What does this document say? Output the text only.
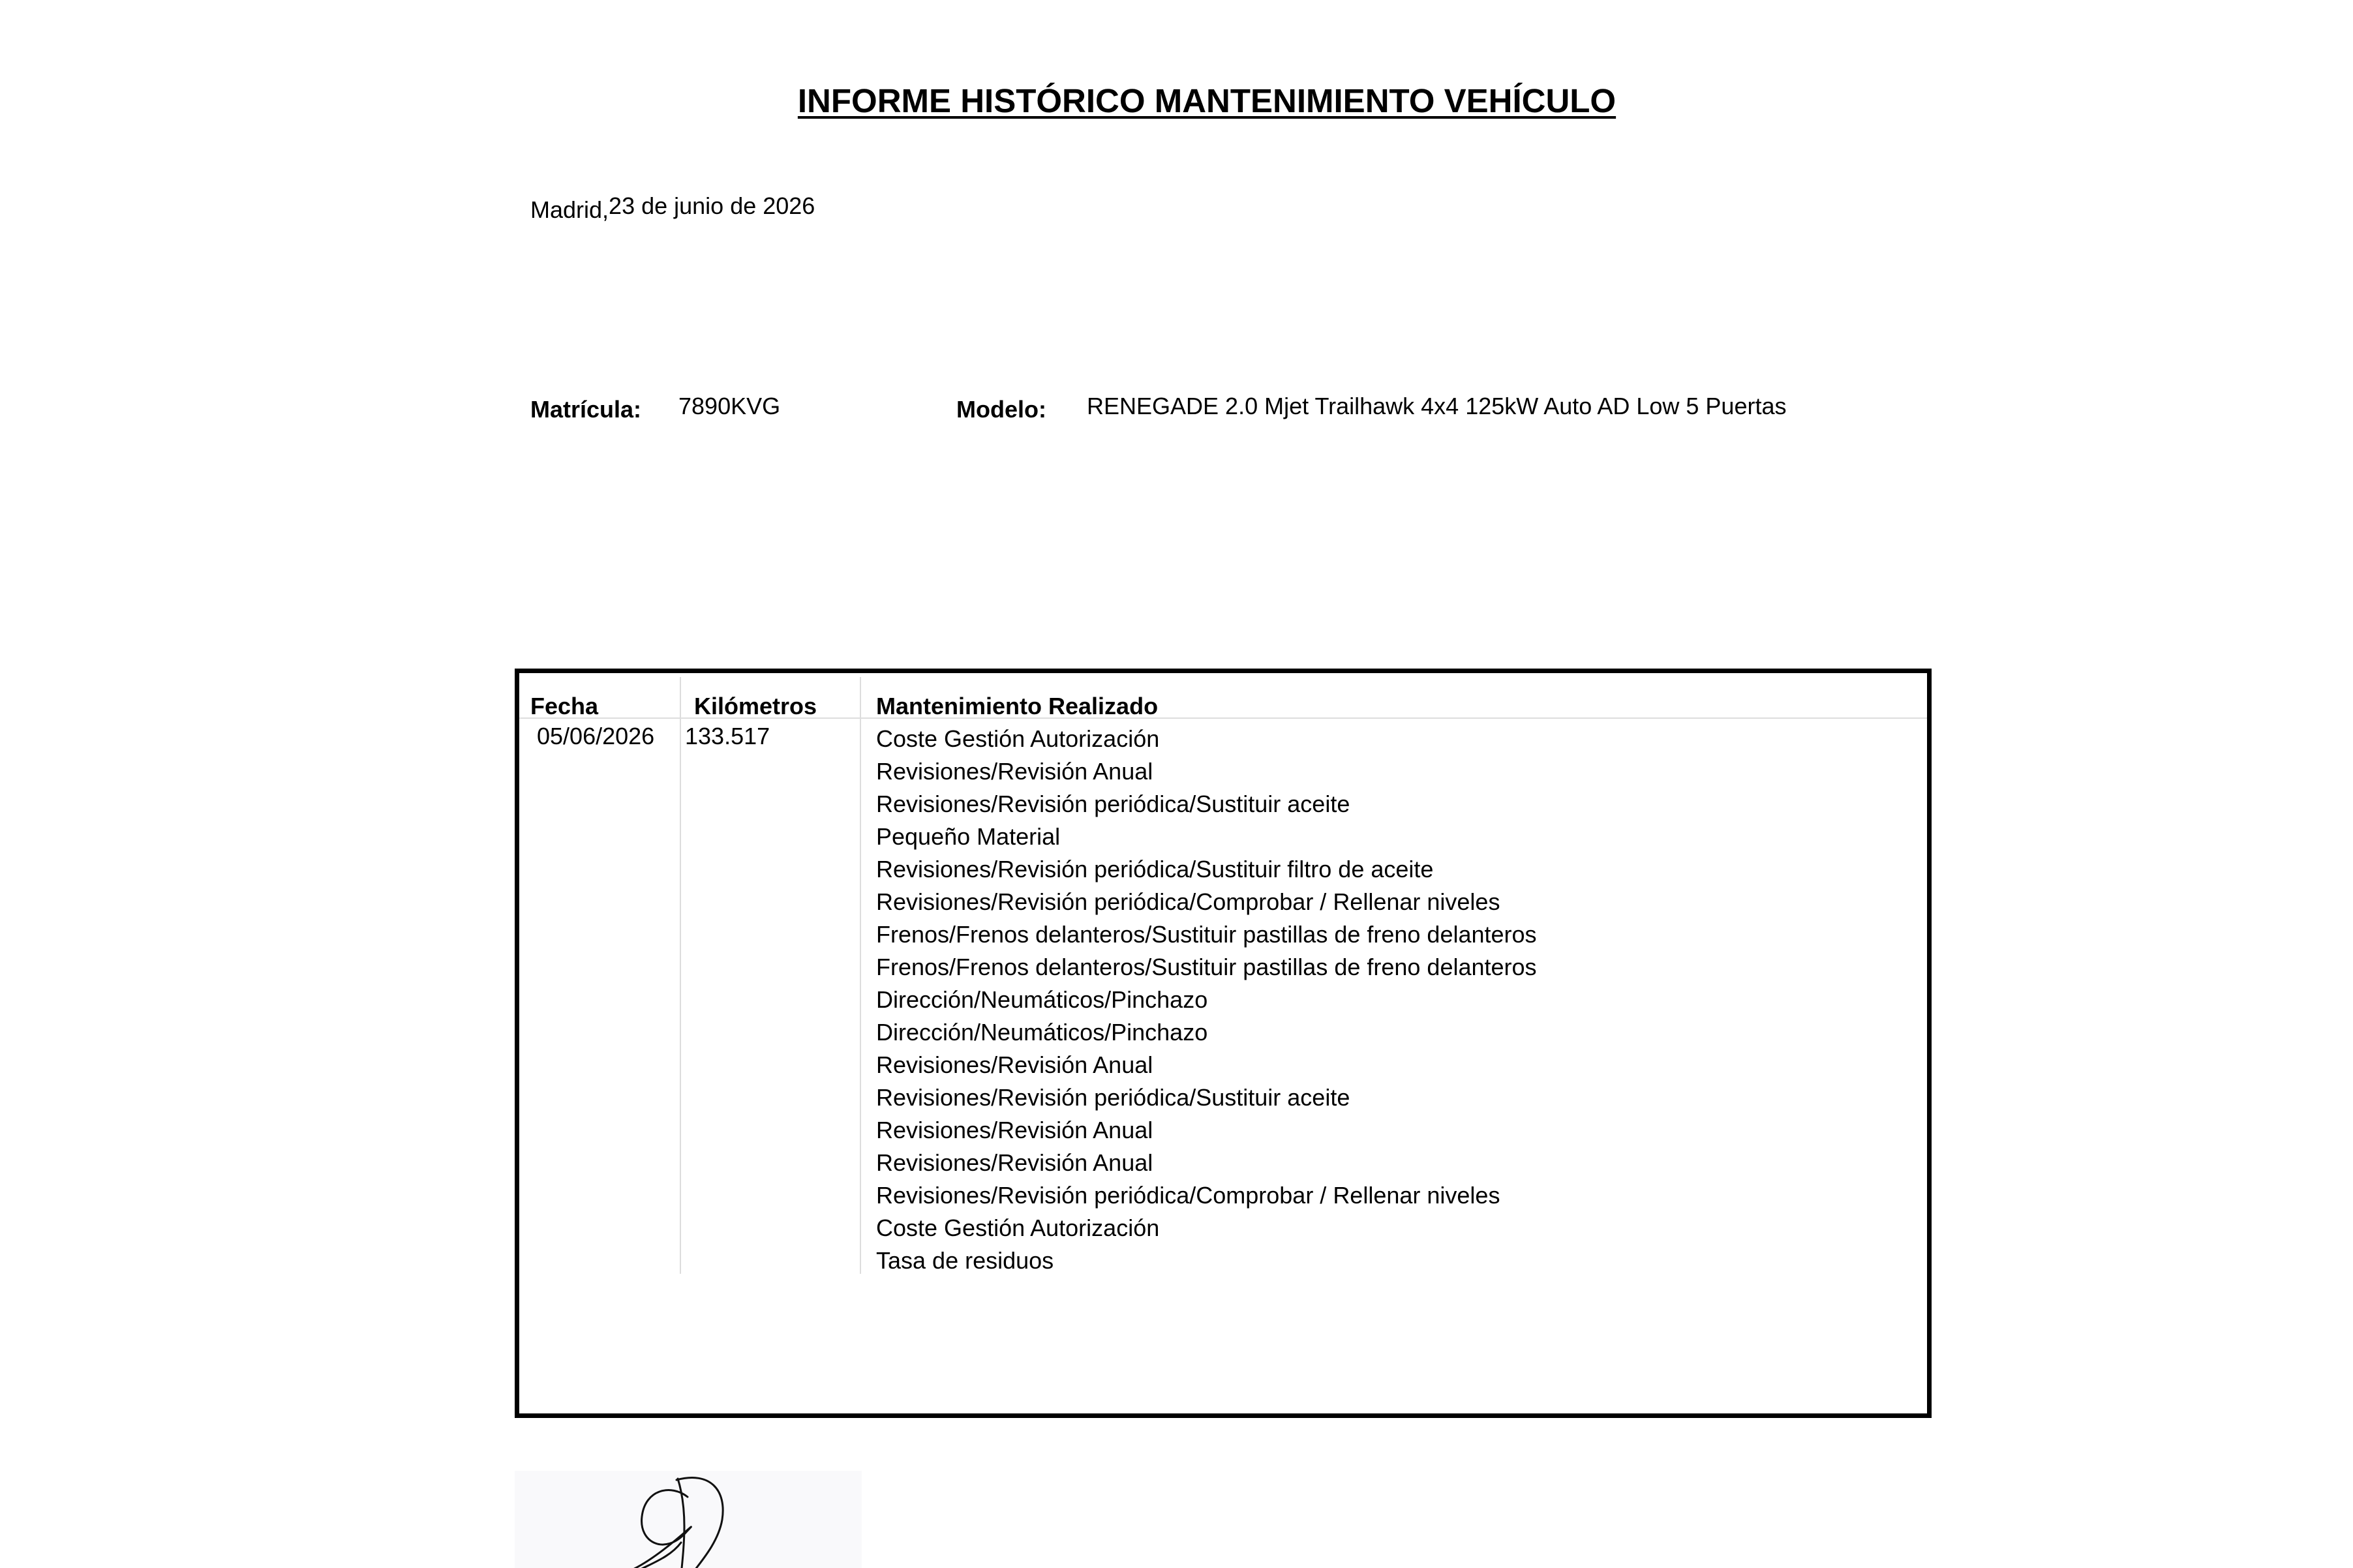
INFORME HISTÓRICO MANTENIMIENTO VEHÍCULO
Madrid,23 de junio de 2026
Matrícula: 7890KVG	Modelo: RENEGADE 2.0 Mjet Trailhawk 4x4 125kW Auto AD Low 5 Puertas
Fecha	Kilómetros	Mantenimiento Realizado
05/06/2026 133.517	Coste Gestión Autorización
Revisiones/Revisión Anual
Revisiones/Revisión periódica/Sustituir aceite
Pequeño Material
Revisiones/Revisión periódica/Sustituir filtro de aceite
Revisiones/Revisión periódica/Comprobar / Rellenar niveles
Frenos/Frenos delanteros/Sustituir pastillas de freno delanteros
Frenos/Frenos delanteros/Sustituir pastillas de freno delanteros
Dirección/Neumáticos/Pinchazo
Dirección/Neumáticos/Pinchazo
Revisiones/Revisión Anual
Revisiones/Revisión periódica/Sustituir aceite
Revisiones/Revisión Anual
Revisiones/Revisión Anual
Revisiones/Revisión periódica/Comprobar / Rellenar niveles
Coste Gestión Autorización
Tasa de residuos
